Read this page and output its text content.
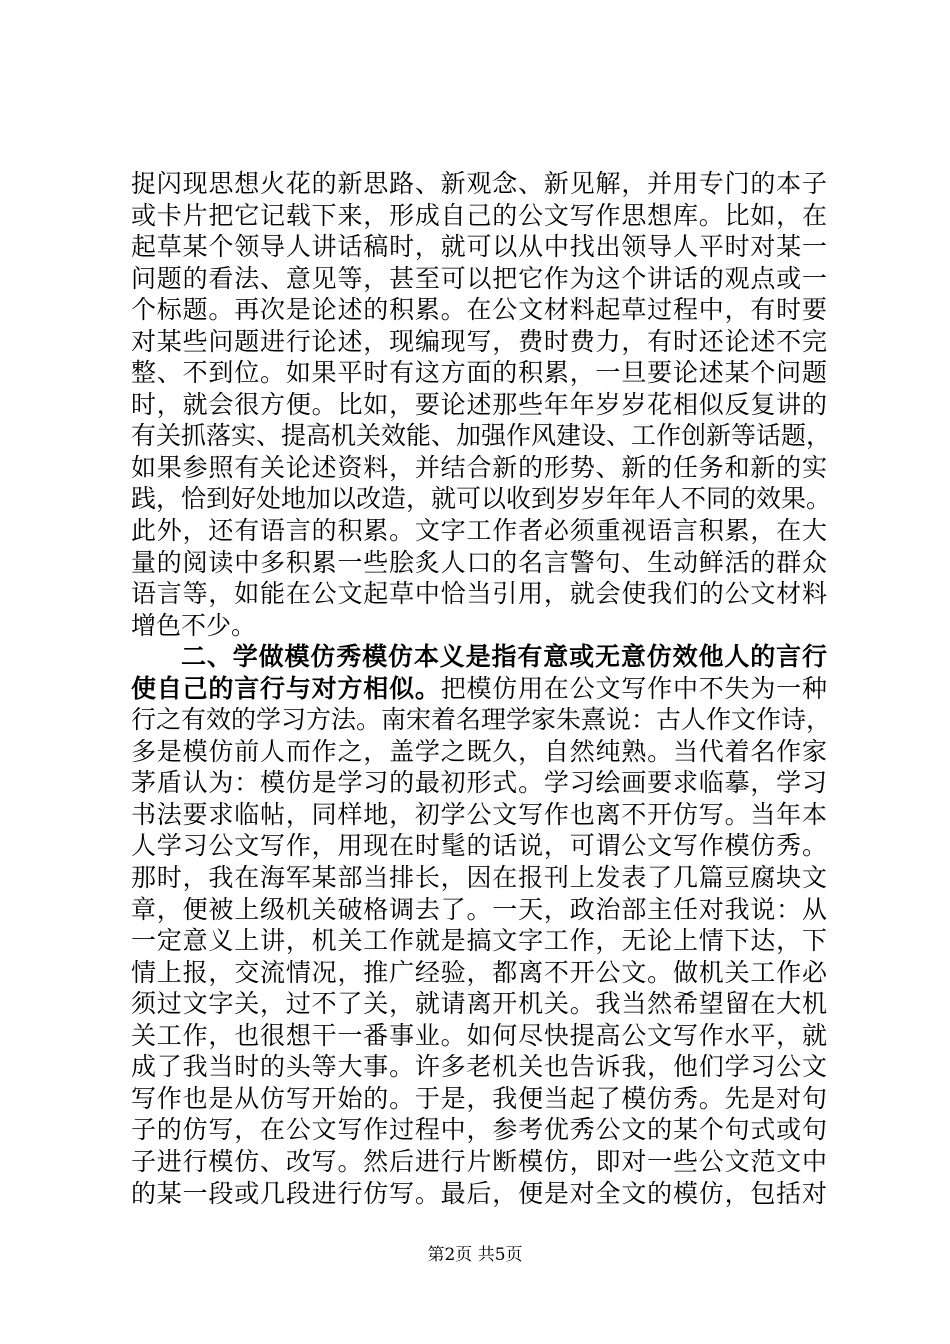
捉闪现思想火花的新思路、新观念、新见解，并用专门的本子
或卡片把它记载下来，形成自己的公文写作思想库。比如，在
起草某个领导人讲话稿时，就可以从中找出领导人平时对某一
问题的看法、意见等，甚至可以把它作为这个讲话的观点或一
个标题。再次是论述的积累。在公文材料起草过程中，有时要
对某些问题进行论述，现编现写，费时费力，有时还论述不完
整、不到位。如果平时有这方面的积累，一旦要论述某个问题
时，就会很方便。比如，要论述那些年年岁岁花相似反复讲的
有关抓落实、提高机关效能、加强作风建设、工作创新等话题，
如果参照有关论述资料，并结合新的形势、新的任务和新的实
践，恰到好处地加以改造，就可以收到岁岁年年人不同的效果。
此外，还有语言的积累。文字工作者必须重视语言积累，在大
量的阅读中多积累一些脍炙人口的名言警句、生动鲜活的群众
语言等，如能在公文起草中恰当引用，就会使我们的公文材料
增色不少。
二、学做模仿秀模仿本义是指有意或无意仿效他人的言行
使自己的言行与对方相似。把模仿用在公文写作中不失为一种
行之有效的学习方法。南宋着名理学家朱熹说：古人作文作诗，
多是模仿前人而作之，盖学之既久，自然纯熟。当代着名作家
茅盾认为：模仿是学习的最初形式。学习绘画要求临摹，学习
书法要求临帖，同样地，初学公文写作也离不开仿写。当年本
人学习公文写作，用现在时髦的话说，可谓公文写作模仿秀。
那时，我在海军某部当排长，因在报刊上发表了几篇豆腐块文
章，便被上级机关破格调去了。一天，政治部主任对我说：从
一定意义上讲，机关工作就是搞文字工作，无论上情下达，下
情上报，交流情况，推广经验，都离不开公文。做机关工作必
须过文字关，过不了关，就请离开机关。我当然希望留在大机
关工作，也很想干一番事业。如何尽快提高公文写作水平，就
成了我当时的头等大事。许多老机关也告诉我，他们学习公文
写作也是从仿写开始的。于是，我便当起了模仿秀。先是对句
子的仿写，在公文写作过程中，参考优秀公文的某个句式或句
子进行模仿、改写。然后进行片断模仿，即对一些公文范文中
的某一段或几段进行仿写。最后，便是对全文的模仿，包括对
第2页 共5页
